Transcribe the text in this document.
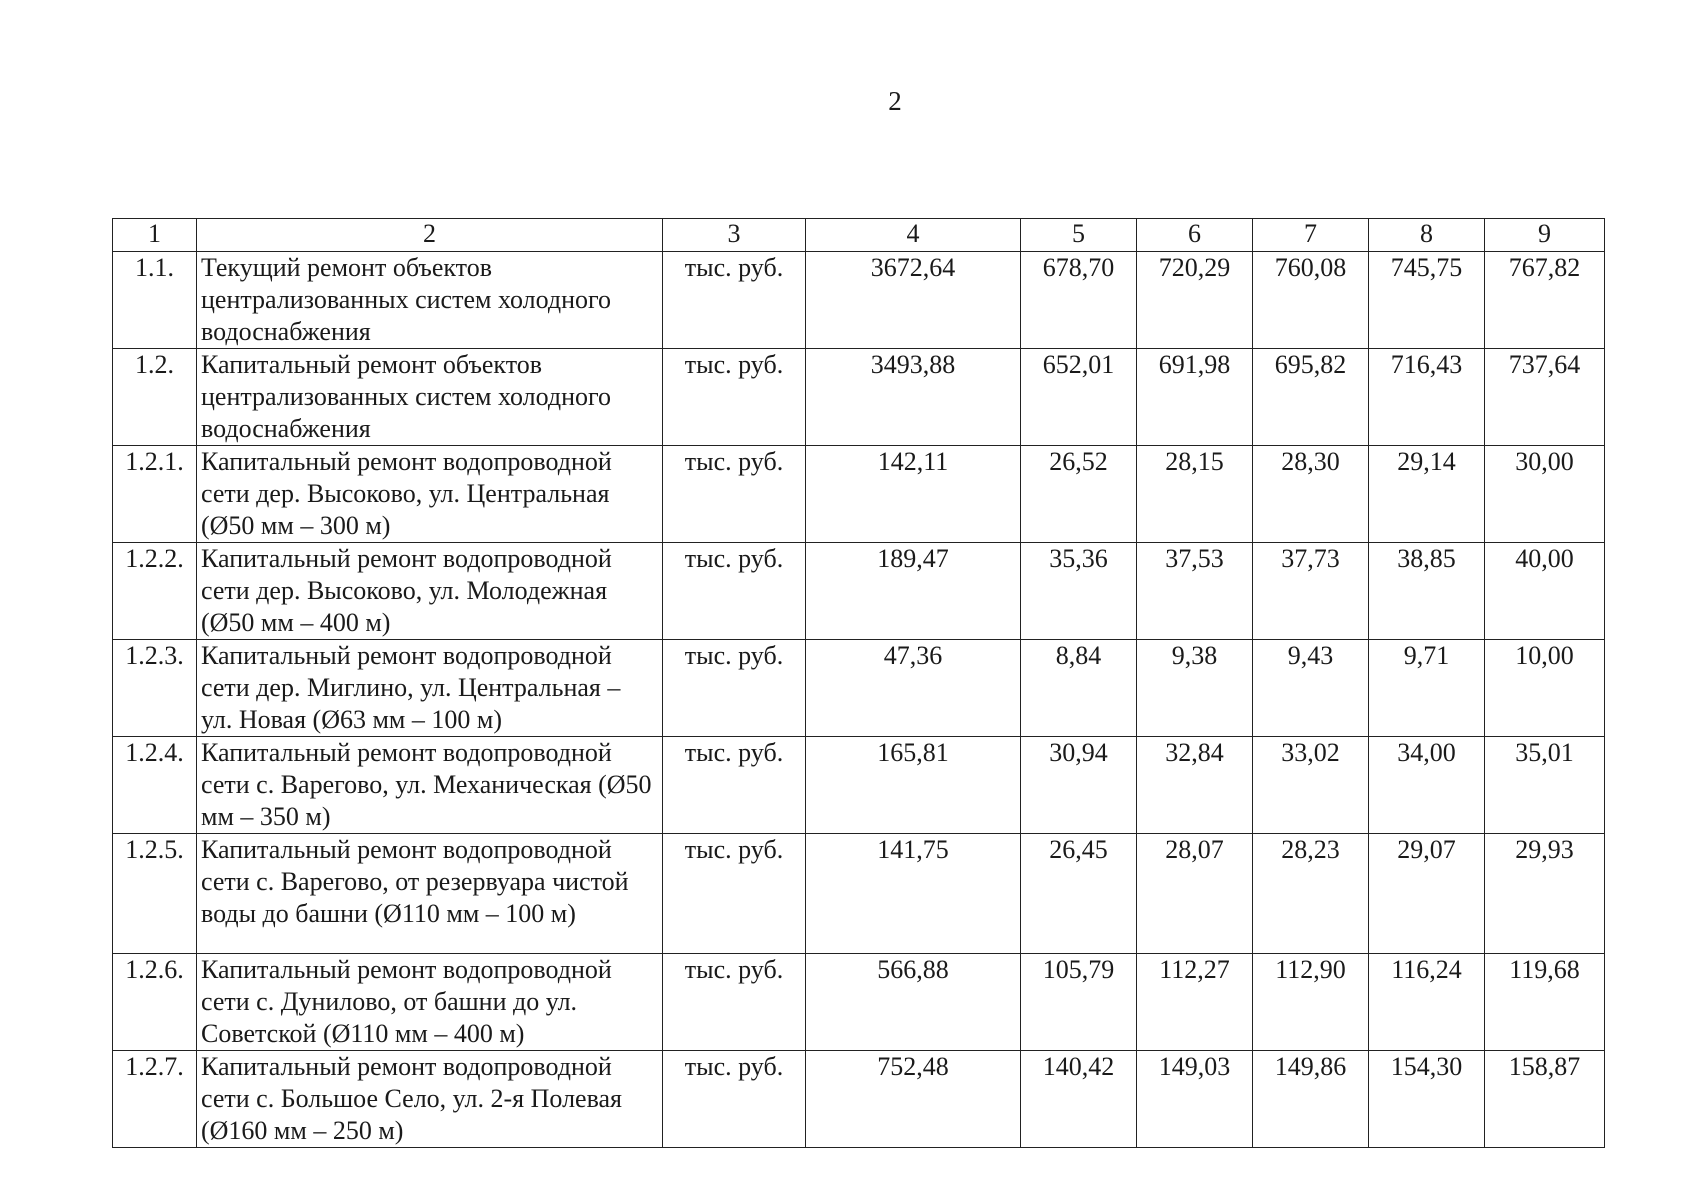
2
1	2	3	4	5	6	7	8	9
1.1.	Текущий ремонт объектов централизованных систем холодного водоснабжения	тыс. руб.	3672,64	678,70	720,29	760,08	745,75	767,82
1.2.	Капитальный ремонт объектов централизованных систем холодного водоснабжения	тыс. руб.	3493,88	652,01	691,98	695,82	716,43	737,64
1.2.1.	Капитальный ремонт водопроводной сети дер. Высоково, ул. Центральная (Ø50 мм – 300 м)	тыс. руб.	142,11	26,52	28,15	28,30	29,14	30,00
1.2.2.	Капитальный ремонт водопроводной сети дер. Высоково, ул. Молодежная (Ø50 мм – 400 м)	тыс. руб.	189,47	35,36	37,53	37,73	38,85	40,00
1.2.3.	Капитальный ремонт водопроводной сети дер. Миглино, ул. Центральная – ул. Новая (Ø63 мм – 100 м)	тыс. руб.	47,36	8,84	9,38	9,43	9,71	10,00
1.2.4.	Капитальный ремонт водопроводной сети с. Варегово, ул. Механическая (Ø50 мм – 350 м)	тыс. руб.	165,81	30,94	32,84	33,02	34,00	35,01
1.2.5.	Капитальный ремонт водопроводной сети с. Варегово, от резервуара чистой воды до башни (Ø110 мм – 100 м)	тыс. руб.	141,75	26,45	28,07	28,23	29,07	29,93
1.2.6.	Капитальный ремонт водопроводной сети с. Дунилово, от башни до ул. Советской (Ø110 мм – 400 м)	тыс. руб.	566,88	105,79	112,27	112,90	116,24	119,68
1.2.7.	Капитальный ремонт водопроводной сети с. Большое Село, ул. 2-я Полевая (Ø160 мм – 250 м)	тыс. руб.	752,48	140,42	149,03	149,86	154,30	158,87
